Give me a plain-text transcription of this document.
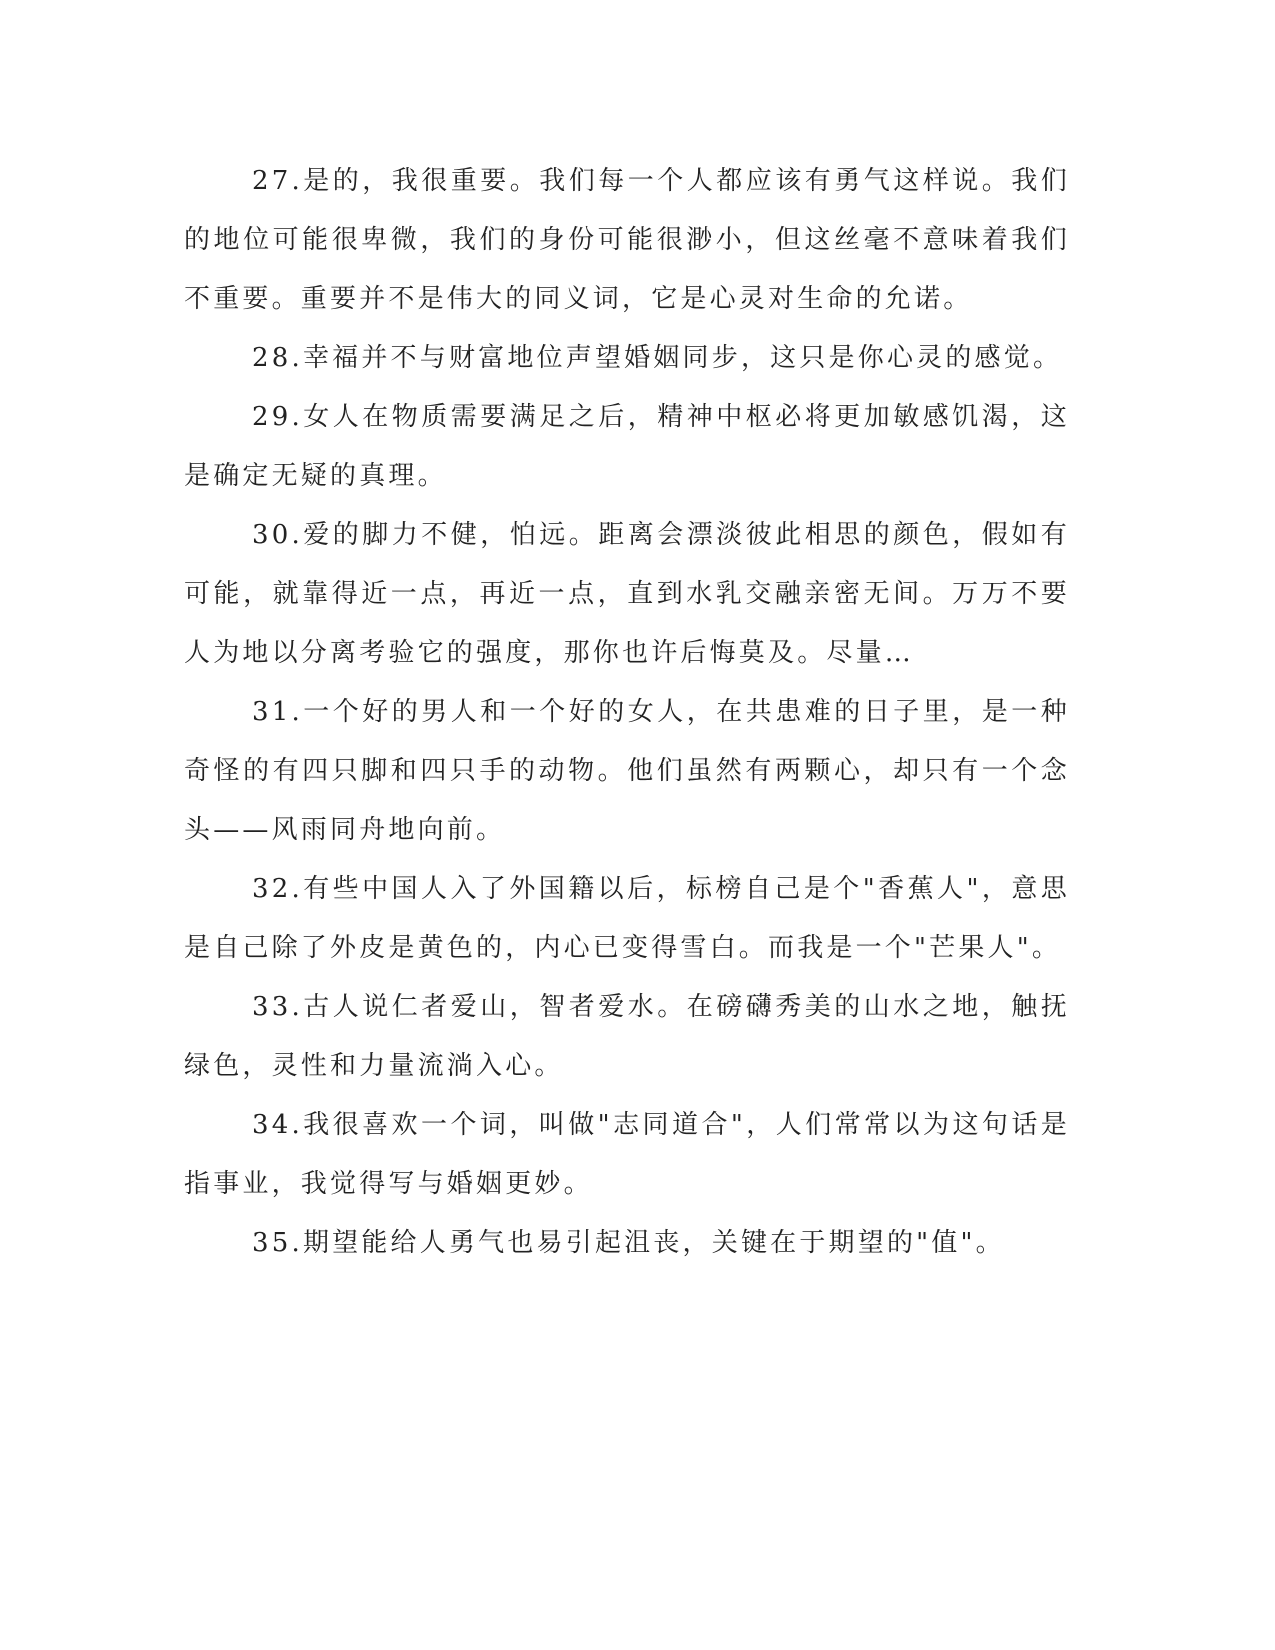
27.是的，我很重要。我们每一个人都应该有勇气这样说。我们的地位可能很卑微，我们的身份可能很渺小，但这丝毫不意味着我们不重要。重要并不是伟大的同义词，它是心灵对生命的允诺。

28.幸福并不与财富地位声望婚姻同步，这只是你心灵的感觉。

29.女人在物质需要满足之后，精神中枢必将更加敏感饥渴，这是确定无疑的真理。

30.爱的脚力不健，怕远。距离会漂淡彼此相思的颜色，假如有可能，就靠得近一点，再近一点，直到水乳交融亲密无间。万万不要人为地以分离考验它的强度，那你也许后悔莫及。尽量…

31.一个好的男人和一个好的女人，在共患难的日子里，是一种奇怪的有四只脚和四只手的动物。他们虽然有两颗心，却只有一个念头——风雨同舟地向前。

32.有些中国人入了外国籍以后，标榜自己是个"香蕉人"，意思是自己除了外皮是黄色的，内心已变得雪白。而我是一个"芒果人"。

33.古人说仁者爱山，智者爱水。在磅礴秀美的山水之地，触抚绿色，灵性和力量流淌入心。

34.我很喜欢一个词，叫做"志同道合"，人们常常以为这句话是指事业，我觉得写与婚姻更妙。

35.期望能给人勇气也易引起沮丧，关键在于期望的"值"。
